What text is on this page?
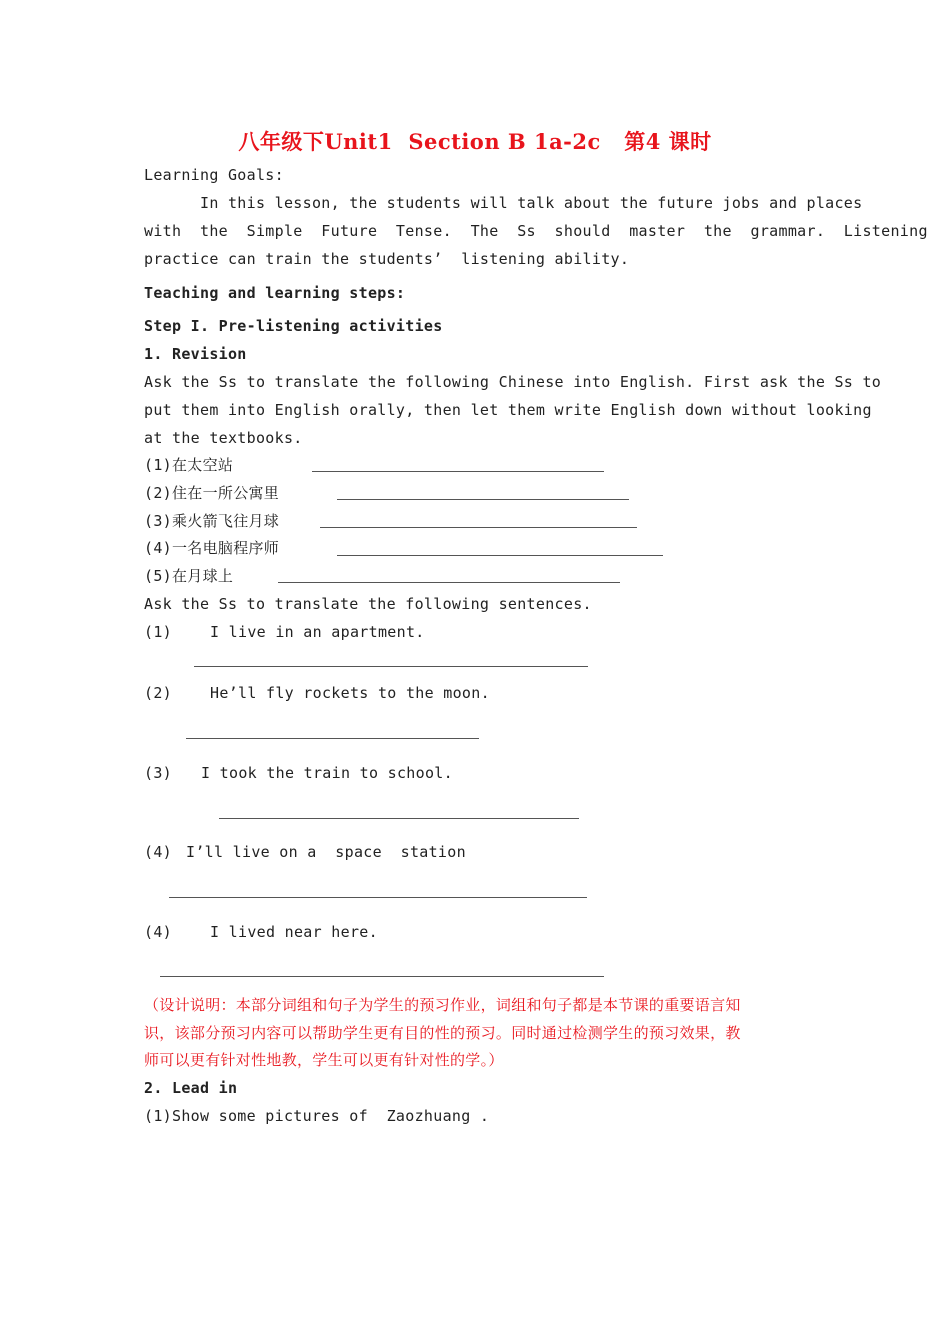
八年级下Unit1  Section B 1a-2c   第4 课时
Learning Goals:
In this lesson, the students will talk about the future jobs and places
with  the  Simple  Future  Tense.  The  Ss  should  master  the  grammar.  Listening
practice can train the students’  listening ability.
Teaching and learning steps:
Step I. Pre-listening activities
1. Revision
Ask the Ss to translate the following Chinese into English. First ask the Ss to
put them into English orally, then let them write English down without looking
at the textbooks.
(1)在太空站
(2)住在一所公寓里
(3)乘火箭飞往月球
(4)一名电脑程序师
(5)在月球上
Ask the Ss to translate the following sentences.
(1)	I live in an apartment.
(2)	He’ll fly rockets to the moon.
(3) I took the train to school.
(4) I’ll live on a  space  station
(4)	I lived near here.
（设计说明：本部分词组和句子为学生的预习作业，词组和句子都是本节课的重要语言知
识，该部分预习内容可以帮助学生更有目的性的预习。同时通过检测学生的预习效果，教
师可以更有针对性地教，学生可以更有针对性的学。）
2. Lead in
(1)Show some pictures of  Zaozhuang .
